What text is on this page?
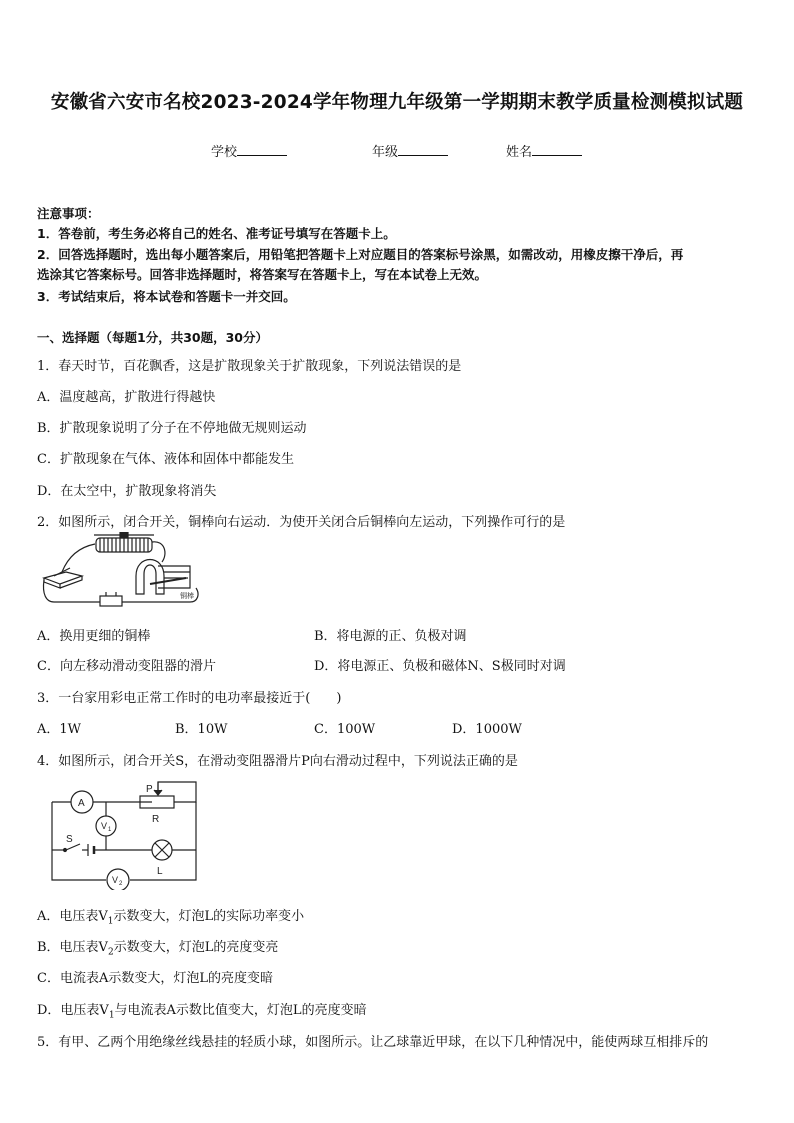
安徽省六安市名校2023-2024学年物理九年级第一学期期末教学质量检测模拟试题
学校	年级	姓名
注意事项：
1．答卷前，考生务必将自己的姓名、准考证号填写在答题卡上。
2．回答选择题时，选出每小题答案后，用铅笔把答题卡上对应题目的答案标号涂黑，如需改动，用橡皮擦干净后，再
选涂其它答案标号。回答非选择题时，将答案写在答题卡上，写在本试卷上无效。
3．考试结束后，将本试卷和答题卡一并交回。
一、选择题（每题1分，共30题，30分）
1．春天时节，百花飘香，这是扩散现象关于扩散现象，下列说法错误的是
A．温度越高，扩散进行得越快
B．扩散现象说明了分子在不停地做无规则运动
C．扩散现象在气体、液体和固体中都能发生
D．在太空中，扩散现象将消失
2．如图所示，闭合开关，铜棒向右运动．为使开关闭合后铜棒向左运动，下列操作可行的是
铜棒
A．换用更细的铜棒	B．将电源的正、负极对调
C．向左移动滑动变阻器的滑片	D．将电源正、负极和磁体N、S极同时对调
3．一台家用彩电正常工作时的电功率最接近于(　　)
A．1W	B．10W	C．100W	D．1000W
4．如图所示，闭合开关S，在滑动变阻器滑片P向右滑动过程中，下列说法正确的是
A
P
R
V 1
S
L
V 2
A．电压表$V_1$示数变大，灯泡L的实际功率变小
B．电压表$V_2$示数变大，灯泡L的亮度变亮
C．电流表A示数变大，灯泡L的亮度变暗
D．电压表$V_1$与电流表A示数比值变大，灯泡L的亮度变暗
5．有甲、乙两个用绝缘丝线悬挂的轻质小球，如图所示。让乙球靠近甲球，在以下几种情况中，能使两球互相排斥的
